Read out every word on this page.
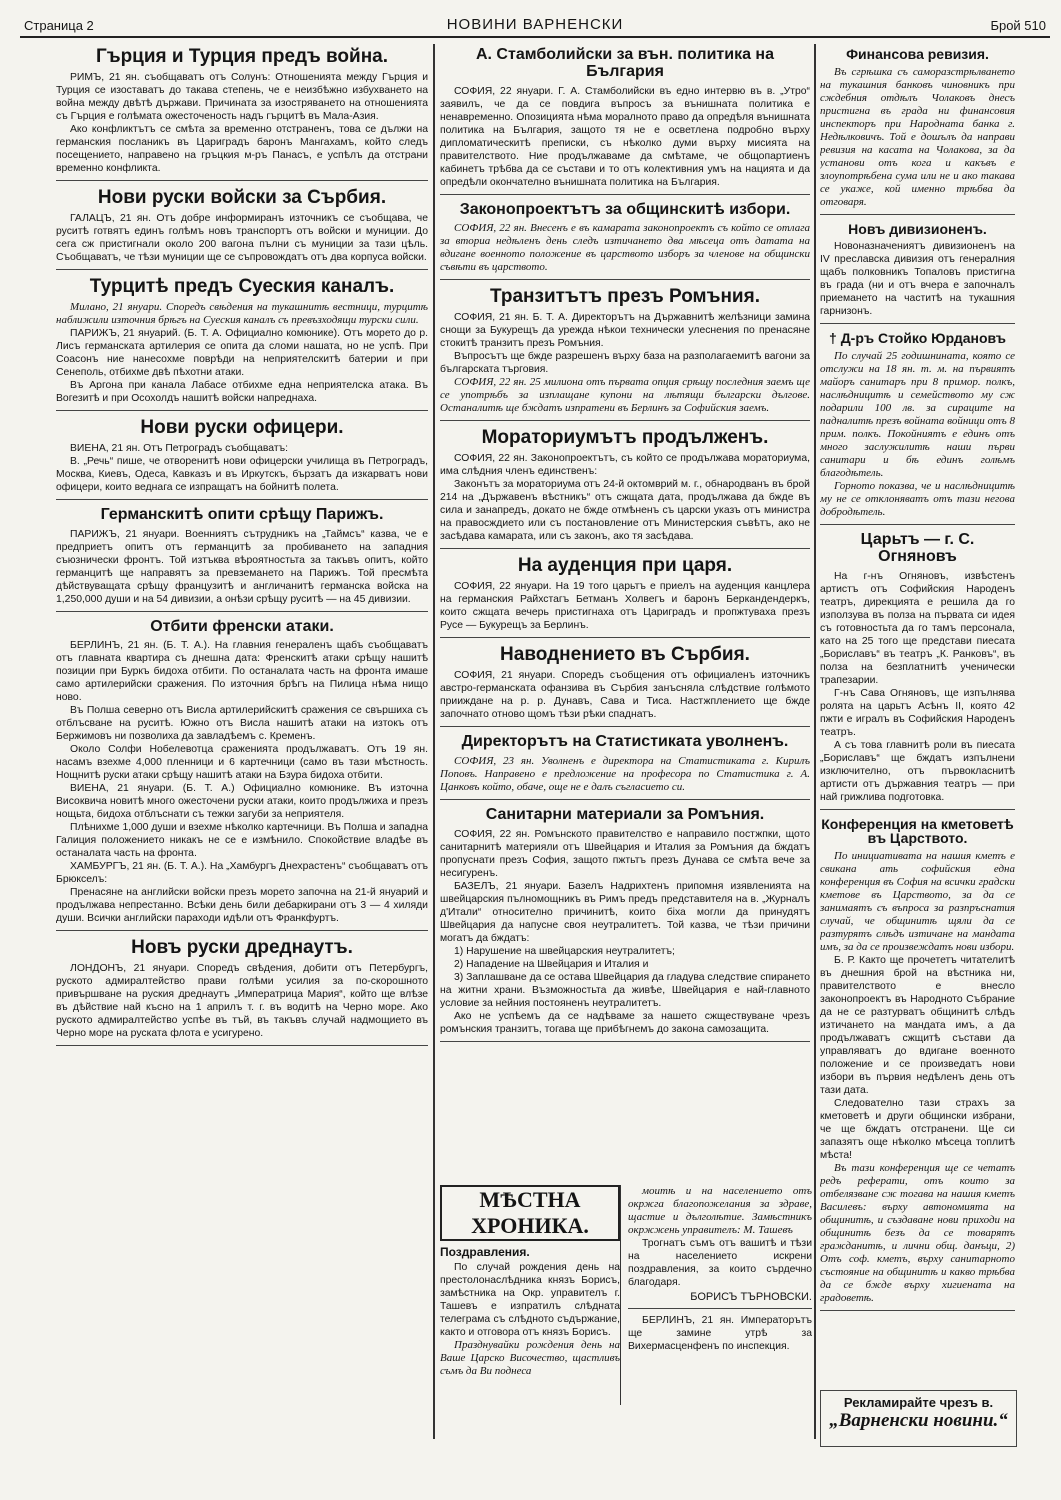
Страница 2	НОВИНИ ВАРНЕНСКИ	Брой 510
Гърция и Турция предъ война.

РИМЪ, 21 ян. съобщаватъ отъ Солунъ: Отношенията между Гърция и Турция се изоставатъ до такава степень, че е неизбѣжно избухването на война между двѣтѣ държави. Причината за изостряването на отношенията съ Гърция е голѣмата ожесточеность надъ гърцитѣ въ Мала-Азия.

Ако конфликтътъ се смѣта за временно отстраненъ, това се дължи на германския посланикъ въ Цариградъ баронъ Мангахамъ, който следъ посещението, направено на гръцкия м-ръ Панасъ, е успѣлъ да отстрани временно конфликта.

Нови руски войски за Сърбия.

ГАЛАЦЪ, 21 ян. Отъ добре информиранъ източникъ се съобщава, че руситѣ готвятъ единъ голѣмъ новъ транспортъ отъ войски и муниции. До сега сж пристигнали около 200 вагона пълни съ муниции за тази цѣль. Съобщаватъ, че тѣзи муниции ще се съпровождатъ отъ два корпуса войски.

Турцитѣ предъ Суеския каналъ.

Милано, 21 януари. Споредъ свѣдения на тукашнитѣ вестници, турцитѣ наближили източния брѣгъ на Суеския каналъ съ превъзходящи турски сили.

ПАРИЖЪ, 21 януарий. (Б. Т. А. Официално комюнике). Отъ морето до р. Лисъ германската артилерия се опита да сломи нашата, но не успѣ. При Соасонъ ние нанесохме поврѣди на неприятелскитѣ батерии и при Сенеполь, отбихме двѣ пѣхотни атаки.

Въ Аргона при канала Лабасе отбихме една неприятелска атака. Въ Вогезитѣ и при Осохолдъ нашитѣ войски напреднаха.

Нови руски офицери.

ВИЕНА, 21 ян. Отъ Петроградъ съобщаватъ:

В. „Речь“ пише, че отворенитѣ нови офицерски училища въ Петроградъ, Москва, Киевъ, Одеса, Кавказъ и въ Иркутскъ, бързатъ да изкарватъ нови офицери, които веднага се изпращатъ на бойнитѣ полета.

Германскитѣ опити срѣщу Парижъ.

ПАРИЖЪ, 21 януари. Военниятъ сътрудникъ на „Таймсъ“ казва, че е предприетъ опитъ отъ германцитѣ за пробиването на западния съюзнически фронтъ. Той изтъква вѣроятностьта за такъвъ опитъ, който германцитѣ ще направятъ за превземането на Парижъ. Той пресмѣта дѣйствуващата срѣщу французитѣ и англичанитѣ германска войска на 1,250,000 души и на 54 дивизии, а онѣзи срѣщу руситѣ — на 45 дивизии.

Отбити френски атаки.

БЕРЛИНЪ, 21 ян. (Б. Т. А.). На главния генераленъ щабъ съобщаватъ отъ главната квартира съ днешна дата: Френскитѣ атаки срѣщу нашитѣ позиции при Буркъ бидоха отбити. По останалата часть на фронта имаше само артилерийски сражения. По източния брѣгъ на Пилица нѣма нищо ново.

Въ Полша северно отъ Висла артилерийскитѣ сражения се свършиха съ отблъсване на руситѣ. Южно отъ Висла нашитѣ атаки на изтокъ отъ Бержимовъ ни позволиха да завладѣемъ с. Кременъ.

Около Солфи Нобелевотца сраженията продължаватъ. Отъ 19 ян. насамъ взехме 4,000 пленници и 6 картечници (само въ тази мѣстность. Нощнитѣ руски атаки срѣщу нашитѣ атаки на Бзура бидоха отбити.

ВИЕНА, 21 януари. (Б. Т. А.) Официално комюнике. Въ източна Високвича новитѣ много ожесточени руски атаки, които продължиха и презъ нощьта, бидоха отблъснати съ тежки загуби за неприятеля.

Плѣнихме 1,000 души и взехме нѣколко картечници. Въ Полша и западна Галиция положението никакъ не се е измѣнило. Спокойствие владѣе въ останалата часть на фронта.

ХАМБУРГЪ, 21 ян. (Б. Т. А.). На „Хамбургъ Днехрастенъ“ съобщаватъ отъ Брюкселъ:

Пренасяне на английски войски презъ морето започна на 21-й януарий и продължава непрестанно. Всѣки день били дебаркирани отъ 3 — 4 хиляди души. Всички английски параходи идѣли отъ Франкфуртъ.

Новъ руски дреднаутъ.

ЛОНДОНЪ, 21 януари. Споредъ свѣдения, добити отъ Петербургъ, руското адмиралтейство прави голѣми усилия за по-скорошното привършване на руския дреднаутъ „Императрица Мария“, който ще влѣзе въ дѣйствие най късно на 1 априлъ т. г. въ водитѣ на Черно море. Ако руското адмиралтейство успѣе въ тъй, въ такъвъ случай надмощието въ Черно море на руската флота е усигурено.

А. Стамболийски за вън. политика на България

СОФИЯ, 22 януари. Г. А. Стамболийски въ едно интервю въ в. „Утро“ заявилъ, че да се повдига въпросъ за вънишната политика е ненавременно. Опозицията нѣма моралното право да опредѣля вънишната политика на България, защото тя не е осветлена подробно върху дипломатическитѣ преписки, съ нѣколко думи върху мисията на правителството. Ние продължаваме да смѣтаме, че общопартиенъ кабинетъ трѣбва да се състави и то отъ колективния умъ на нацията и да опредѣли окончателно вънишната политика на България.

Законопроектътъ за общинскитѣ избори.

СОФИЯ, 22 ян. Внесенъ е въ камарата законопроектъ съ който се отлага за вториа недѣленъ день следъ изтичането два мѣсеца отъ датата на вдигане военното положение въ царството изборъ за членове на общински съвѣти въ царството.

Транзитътъ презъ Ромъния.

СОФИЯ, 21 ян. Б. Т. А. Директорътъ на Държавнитѣ желѣзници замина снощи за Букурещъ да урежда нѣкои технически улеснения по пренасяне стокитѣ транзитъ презъ Ромъния.

Въпросътъ ще бжде разрешенъ върху база на разполагаемитѣ вагони за българската търговия.

СОФИЯ, 22 ян. 25 милиона отъ първата опция срѣщу последния заемъ ще се употрѣбъ за изплащане купони на лѣтящи български дългове. Останалитѣ ще бждатъ изпратени въ Берлинъ за Софийския заемъ.

Мораториумътъ продълженъ.

СОФИЯ, 22 ян. Законопроектътъ, съ който се продължава мораториума, има слѣдния членъ единственъ:

Законътъ за мораториума отъ 24-й октомврий м. г., обнародванъ въ брой 214 на „Държавенъ вѣстникъ“ отъ сжщата дата, продължава да бжде въ сила и занапредъ, докато не бжде отмѣненъ съ царски указъ отъ министра на правосждието или съ постановление отъ Министерския съвѣтъ, ако не засѣдава камарата, или съ законъ, ако тя засѣдава.

На ауденция при царя.

СОФИЯ, 22 януари. На 19 того царьтъ е приелъ на ауденция канцлера на германския Райхстагъ Бетманъ Холвегъ и баронъ Беркандендеркъ, които сжщата вечерь пристигнаха отъ Цариградъ и пропжтуваха презъ Русе — Букурещъ за Берлинъ.

Наводнението въ Сърбия.

СОФИЯ, 21 януари. Споредъ съобщения отъ официаленъ източникъ австро-германската офанзива въ Сърбия занъсняла слѣдствие голѣмото прииждане на р. р. Дунавъ, Сава и Тиса. Настжплението ще бжде започнато отново щомъ тѣзи рѣки спаднатъ.

Директорътъ на Статистиката уволненъ.

СОФИЯ, 23 ян. Уволненъ е директора на Статистиката г. Кирилъ Поповъ. Направено е предложение на професора по Статистика г. А. Цанковъ който, обаче, още не е далъ съгласието си.

Санитарни материали за Ромъния.

СОФИЯ, 22 ян. Ромънското правителство е направило постжпки, щото санитарнитѣ материяли отъ Швейцария и Италия за Ромъния да бждатъ пропуснати презъ София, защото пжтьтъ презъ Дунава се смѣта вече за несигуренъ.

БАЗЕЛЪ, 21 януари. Базелъ Надрихтенъ припомня изявленията на швейцарския пълномощникъ въ Римъ предъ представителя на в. „Журналъ д'Итали“ относително причинитѣ, които бiха могли да принудятъ Швейцария да напусне своя неутралитетъ. Той казва, че тѣзи причини могатъ да бждатъ:

1) Нарушение на швейцарския неутралитетъ;

2) Нападение на Швейцария и Италия и

3) Заплашване да се остава Швейцария да гладува следствие спирането на житни храни. Възможностьта да живѣе, Швейцария е най-главното условие за нейния постояненъ неутралитетъ.

Ако не успѣемъ да се надѣваме за нашето сжществуване чрезъ ромънския транзитъ, тогава ще прибѣгнемъ до закона самозащита.

Финансова ревизия.

Въ сгрѣшка съ саморазстрѣлването на тукашния банковъ чиновникъ при сждебния отдѣлъ Чолаковъ днесъ пристигна въ града ни финансовия инспекторъ при Народната банка г. Недѣлковичъ. Той е дошълъ да направи ревизия на касата на Чолакова, за да установи отъ кога и какъвъ е злоупотрѣбена сума или не и ако такава се укаже, кой именно трѣбва да отговаря.

Новъ дивизионенъ.

Новоназначениятъ дивизионенъ на IV преславска дивизия отъ генералния щабъ полковникъ Топаловъ пристигна въ града (ни и отъ вчера е започналъ приемането на частитѣ на тукашния гарнизонъ.

† Д-ръ Стойко Юрдановъ

По случай 25 годишнината, която се отслужи на 18 ян. т. м. на първиятъ майоръ санитаръ при 8 примор. полкъ, наслѣдницитѣ и семейството му сж подарили 100 лв. за сираците на падналитѣ презъ войната войници отъ 8 прим. полкъ. Покойниятъ е единъ отъ много заслужилитѣ наши първи санитари и бѣ единъ голѣмъ благодѣтель.

Горното показва, че и наслѣдницитѣ му не се отклоняватъ отъ тази негова добродѣтель.

Царьтъ — г. С. Огняновъ

На г-нъ Огняновъ, извѣстенъ артистъ отъ Софийския Народенъ театръ, дирекцията е решила да го използува въ полза на първата си идея съ готовностьта да го тамъ персонала, като на 25 того ще представи пиесата „Бориславъ“ въ театръ „К. Ранковъ“, въ полза на безплатнитѣ ученически трапезарии.

Г-нъ Сава Огняновъ, ще изпълнява ролята на царьтъ Асѣнъ II, която 42 пжти е игралъ въ Софийския Народенъ театръ.

А съ това главнитѣ роли въ пиесата „Бориславъ“ ще бждатъ изпълнени изключително, отъ първокласнитѣ артисти отъ държавния театръ — при най грижлива подготовка.

Конференция на кметоветѣ въ Царството.

По инициативата на нашия кметъ е свикана ать софийския една конференция въ София на всички градски кметове въ Царството, за да се занимаятъ съ въпроса за разпръснатия случай, че общинитѣ щяли да се разтурятъ слѣдъ изтичане на мандата имъ, за да се произвеждатъ нови избори.

Б. Р. Както ще прочететъ читателитѣ въ днешния брой на вѣстника ни, правителството е внесло законопроектъ въ Народното Събрание да не се разтурватъ общинитѣ слѣдъ изтичането на мандата имъ, а да продължаватъ сжщитѣ състави да управляватъ до вдигане военното положение и се произведатъ нови избори въ първия недѣленъ день отъ тази дата.

Следователно тази страхъ за кметоветѣ и други общински избрани, че ще бждатъ отстранени. Ще си запазятъ още нѣколко мѣсеца топлитѣ мѣста!

Въ тази конференция ще се четатъ редъ реферати, отъ които за отбелязване сж тогава на нашия кметъ Василевъ: върху автономията на общинитѣ, и създаване нови приходи на общинитѣ безъ да се товарятъ гражданитѣ, и лични общ. данъци, 2) Отъ соф. кметъ, върху санитарното състояние на общинитѣ и какво трѣбва да се бжде върху хигиената на градоветѣ.

МѢСТНА ХРОНИКА.
Поздравления.

По случай рождения день на престолонаслѣдника князъ Борисъ, замѣстника на Окр. управителъ г. Ташевъ е изпратилъ слѣдната телеграма съ слѣдното съдържание, както и отговора отъ князъ Борисъ.

Празднувайки рождения день на Ваше Царско Височество, щастливъ съмъ да Ви поднеса

моитѣ и на населението отъ окржга благопожелания за здраве, щастие и дълголѣтие. Замѣстникъ окржжень управителъ: М. Ташевъ

Трогнатъ съмъ отъ вашитѣ и тѣзи на населението искрени поздравления, за които сърдечно благодаря.

БОРИСЪ ТЪРНОВСКИ.

БЕРЛИНЪ, 21 ян. Императорътъ ще замине утрѣ за Вихермасценфенъ по инспекция.

Рекламирайте чрезъ в.
„Варненски новини.“
